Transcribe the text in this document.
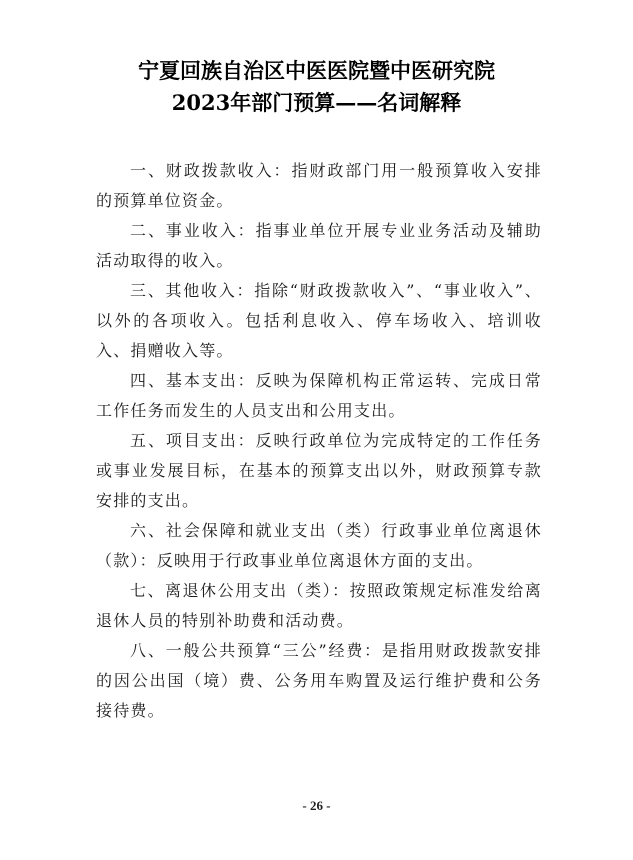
宁夏回族自治区中医医院暨中医研究院
2023年部门预算——名词解释

一、财政拨款收入：指财政部门用一般预算收入安排的预算单位资金。

二、事业收入：指事业单位开展专业业务活动及辅助活动取得的收入。

三、其他收入：指除“财政拨款收入”、“事业收入”、以外的各项收入。包括利息收入、停车场收入、培训收入、捐赠收入等。

四、基本支出：反映为保障机构正常运转、完成日常工作任务而发生的人员支出和公用支出。

五、项目支出：反映行政单位为完成特定的工作任务或事业发展目标，在基本的预算支出以外，财政预算专款安排的支出。

六、社会保障和就业支出（类）行政事业单位离退休（款）：反映用于行政事业单位离退休方面的支出。

七、离退休公用支出（类）：按照政策规定标准发给离退休人员的特别补助费和活动费。

八、一般公共预算“三公”经费：是指用财政拨款安排的因公出国（境）费、公务用车购置及运行维护费和公务接待费。

- 26 -
